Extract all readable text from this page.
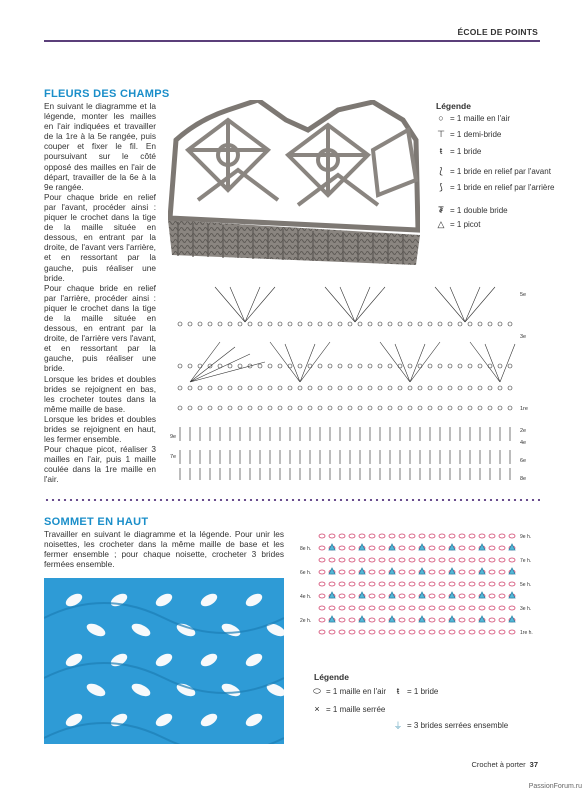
ÉCOLE DE POINTS
FLEURS DES CHAMPS

En suivant le diagramme et la légende, monter les mailles en l'air indiquées et travailler de la 1re à la 5e rangée, puis couper et fixer le fil. En poursuivant sur le côté opposé des mailles en l'air de départ, travailler de la 6e à la 9e rangée.

Pour chaque bride en relief par l'avant, procéder ainsi : piquer le crochet dans la tige de la maille située en dessous, en entrant par la droite, de l'avant vers l'arrière, et en ressortant par la gauche, puis réaliser une bride.

Pour chaque bride en relief par l'arrière, procéder ainsi : piquer le crochet dans la tige de la maille située en dessous, en entrant par la droite, de l'arrière vers l'avant, et en ressortant par la gauche, puis réaliser une bride.

Lorsque les brides et doubles brides se rejoignent en bas, les crocheter toutes dans la même maille de base.

Lorsque les brides et doubles brides se rejoignent en haut, les fermer ensemble.

Pour chaque picot, réaliser 3 mailles en l'air, puis 1 maille coulée dans la 1re maille en l'air.

Légende
○ = 1 maille en l'air
⊤ = 1 demi-bride
ŧ = 1 bride
⟅ = 1 bride en relief par l'avant
⟆ = 1 bride en relief par l'arrière
₮ = 1 double bride
△ = 1 picot
5e
3e
1re
2e
4e
6e
8e
9e
7e
SOMMET EN HAUT

Travailler en suivant le diagramme et la légende. Pour unir les noisettes, les crocheter dans la même maille de base et les fermer ensemble ; pour chaque noisette, crocheter 3 brides fermées ensemble.

8e h.
6e h.
4e h.
2e h.
9e h.
7e h.
5e h.
3e h.
1re h.
Légende
⬭ = 1 maille en l'air
× = 1 maille serrée
ŧ = 1 bride
⏚ = 3 brides serrées ensemble
Crochet à porter 37
PassionForum.ru
